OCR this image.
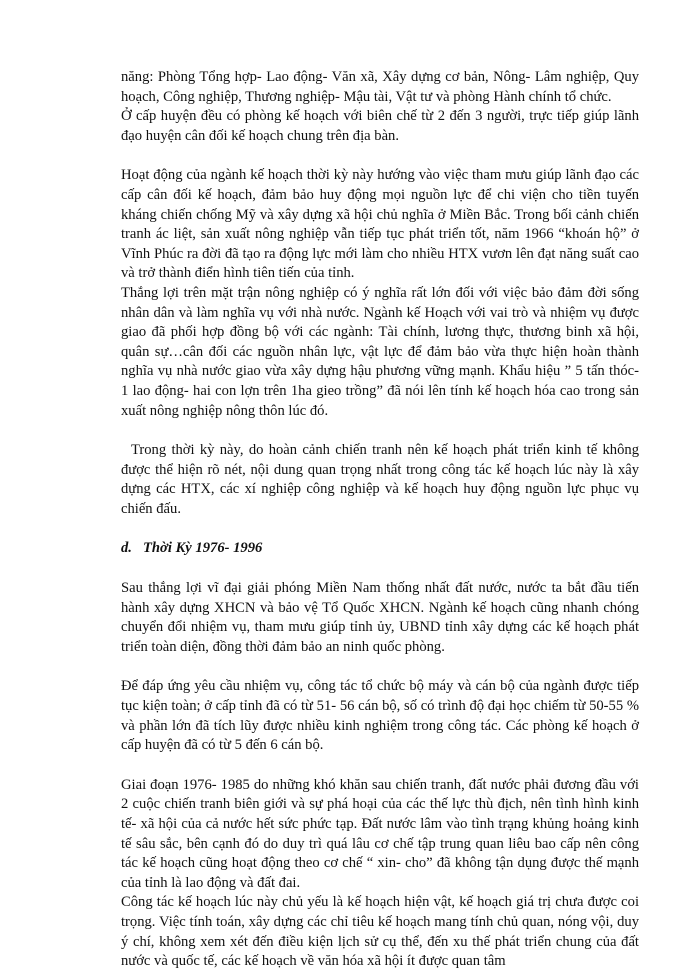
năng: Phòng Tổng hợp- Lao động- Văn xã, Xây dựng cơ bản, Nông- Lâm nghiệp, Quy hoạch, Công nghiệp, Thương nghiệp- Mậu tài, Vật tư và phòng Hành chính tổ chức.

Ở cấp huyện đều có phòng kế hoạch với biên chế từ 2 đến 3 người, trực tiếp giúp lãnh đạo huyện cân đối kế hoạch chung trên địa bàn.

Hoạt động của ngành kế hoạch thời kỳ này hướng vào việc tham mưu giúp lãnh đạo các cấp cân đối kế hoạch, đảm bảo huy động mọi nguồn lực để chi viện cho tiền tuyến kháng chiến chống Mỹ và xây dựng xã hội chủ nghĩa ở Miền Bắc. Trong bối cảnh chiến tranh ác liệt, sản xuất nông nghiệp vẫn tiếp tục phát triển tốt, năm 1966 “khoán hộ” ở Vĩnh Phúc ra đời đã tạo ra động lực mới làm cho nhiều HTX vươn lên đạt năng suất cao và trở thành điển hình tiên tiến của tỉnh.

Thắng lợi trên mặt trận nông nghiệp có ý nghĩa rất lớn đối với việc bảo đảm đời sống nhân dân và làm nghĩa vụ với nhà nước. Ngành kế Hoạch với vai trò và nhiệm vụ được giao đã phối hợp đồng bộ với các ngành: Tài chính, lương thực, thương binh xã hội, quân sự…cân đối các nguồn nhân lực, vật lực để đảm bảo vừa thực hiện hoàn thành nghĩa vụ nhà nước giao vừa xây dựng hậu phương vững mạnh. Khẩu hiệu ” 5 tấn thóc- 1 lao động- hai con lợn trên 1ha gieo trồng” đã nói lên tính kế hoạch hóa cao trong sản xuất nông nghiệp nông thôn lúc đó.

Trong thời kỳ này, do hoàn cảnh chiến tranh nên kế hoạch phát triển kinh tế không được thể hiện rõ nét, nội dung quan trọng nhất trong công tác kế hoạch lúc này là xây dựng các HTX, các xí nghiệp công nghiệp và kế hoạch huy động nguồn lực phục vụ chiến đấu.

d. Thời Kỳ 1976- 1996

Sau thắng lợi vĩ đại giải phóng Miền Nam thống nhất đất nước, nước ta bắt đầu tiến hành xây dựng XHCN và bảo vệ Tổ Quốc XHCN. Ngành kế hoạch cũng nhanh chóng chuyển đổi nhiệm vụ, tham mưu giúp tỉnh ủy, UBND tỉnh xây dựng các kế hoạch phát triển toàn diện, đồng thời đảm bảo an ninh quốc phòng.

Để đáp ứng yêu cầu nhiệm vụ, công tác tổ chức bộ máy và cán bộ của ngành được tiếp tục kiện toàn; ở cấp tỉnh đã có từ 51- 56 cán bộ, số có trình độ đại học chiếm từ 50-55 % và phần lớn đã tích lũy được nhiều kinh nghiệm trong công tác. Các phòng kế hoạch ở cấp huyện đã có từ 5 đến 6 cán bộ.

Giai đoạn 1976- 1985 do những khó khăn sau chiến tranh, đất nước phải đương đầu với 2 cuộc chiến tranh biên giới và sự phá hoại của các thế lực thù địch, nên tình hình kinh tế- xã hội của cả nước hết sức phức tạp. Đất nước lâm vào tình trạng khủng hoảng kinh tế sâu sắc, bên cạnh đó do duy trì quá lâu cơ chế tập trung quan liêu bao cấp nên công tác kế hoạch cũng hoạt động theo cơ chế “ xin- cho” đã không tận dụng được thế mạnh của tỉnh là lao động và đất đai.

Công tác kế hoạch lúc này chủ yếu là kế hoạch hiện vật, kế hoạch giá trị chưa được coi trọng. Việc tính toán, xây dựng các chỉ tiêu kế hoạch mang tính chủ quan, nóng vội, duy ý chí, không xem xét đến điều kiện lịch sử cụ thể, đến xu thế phát triển chung của đất nước và quốc tế, các kế hoạch về văn hóa xã hội ít được quan tâm
